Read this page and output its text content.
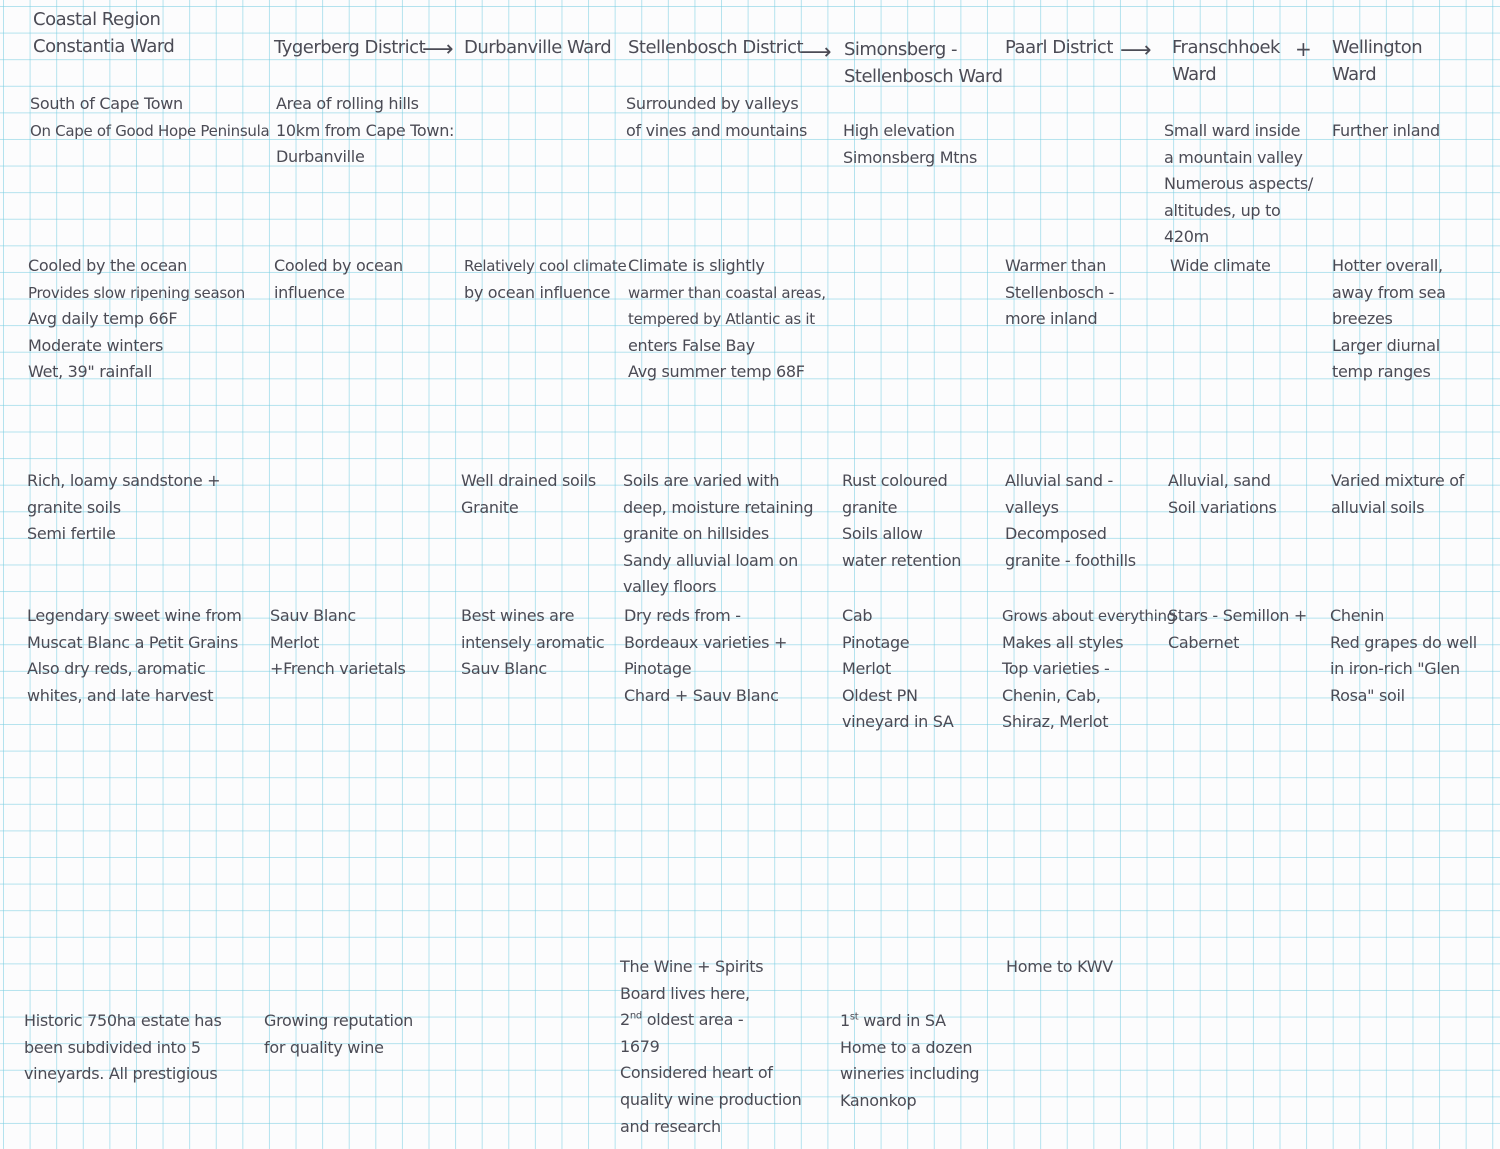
Coastal Region
Constantia Ward	Tygerberg District
⟶ Durbanville Ward Stellenbosch District
⟶ Simonsberg -
Stellenbosch Ward
Paarl District ⟶ Franschhoek
Ward
+ Wellington
Ward
South of Cape Town
On Cape of Good Hope Peninsula
Area of rolling hills
10km from Cape Town:
Durbanville
Surrounded by valleys
of vines and mountains High elevation
Simonsberg Mtns
Small ward inside
a mountain valley
Numerous aspects/
altitudes, up to
420m
Further inland
Cooled by the ocean
Provides slow ripening season
Avg daily temp 66F
Moderate winters
Wet, 39" rainfall
Cooled by ocean
influence
Relatively cool climate
by ocean influence
Climate is slightly
warmer than coastal areas,
tempered by Atlantic as it
enters False Bay
Avg summer temp 68F
Warmer than
Stellenbosch -
more inland
Wide climate	Hotter overall,
away from sea
breezes
Larger diurnal
temp ranges
Rich, loamy sandstone +
granite soils
Semi fertile
Well drained soils
Granite
Soils are varied with
deep, moisture retaining
granite on hillsides
Sandy alluvial loam on
valley floors
Rust coloured
granite
Soils allow
water retention
Alluvial sand -
valleys
Decomposed
granite - foothills
Alluvial, sand
Soil variations
Varied mixture of
alluvial soils
Legendary sweet wine from
Muscat Blanc a Petit Grains
Also dry reds, aromatic
whites, and late harvest
Sauv Blanc
Merlot
+French varietals
Best wines are
intensely aromatic
Sauv Blanc
Dry reds from -
Bordeaux varieties +
Pinotage
Chard + Sauv Blanc
Cab
Pinotage
Merlot
Oldest PN
vineyard in SA
Grows about everything
Makes all styles
Top varieties -
Chenin, Cab,
Shiraz, Merlot
Stars - Semillon +
Cabernet
Chenin
Red grapes do well
in iron-rich "Glen
Rosa" soil
The Wine + Spirits
Board lives here,
2nd oldest area -
1679
Considered heart of
quality wine production
and research
Home to KWV
Historic 750ha estate has
been subdivided into 5
vineyards. All prestigious
Growing reputation
for quality wine
1st ward in SA
Home to a dozen
wineries including
Kanonkop
